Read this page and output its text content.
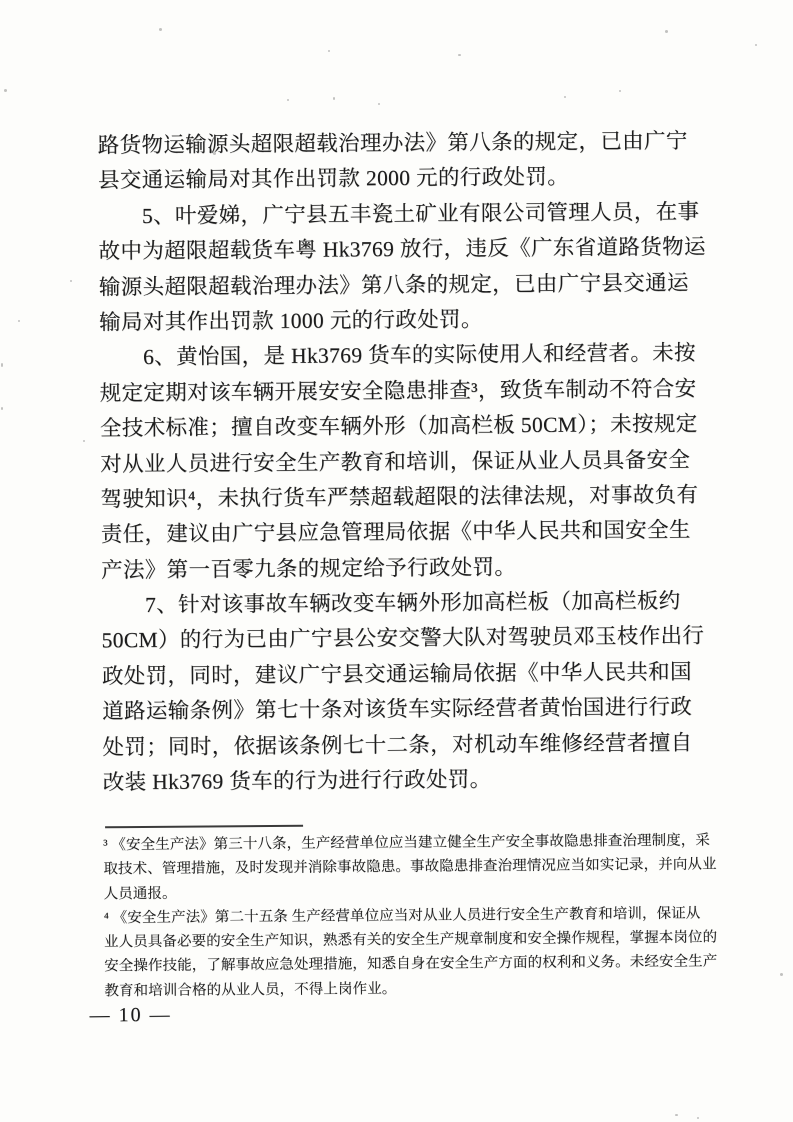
路货物运输源头超限超载治理办法》第八条的规定，已由广宁
县交通运输局对其作出罚款 2000 元的行政处罚。
　　5、叶爱娣，广宁县五丰瓷土矿业有限公司管理人员，在事
故中为超限超载货车粤 Hk3769 放行，违反《广东省道路货物运
输源头超限超载治理办法》第八条的规定，已由广宁县交通运
输局对其作出罚款 1000 元的行政处罚。
　　6、黄怡国，是 Hk3769 货车的实际使用人和经营者。未按
规定定期对该车辆开展安安全隐患排查³，致货车制动不符合安
全技术标准；擅自改变车辆外形（加高栏板 50CM）；未按规定
对从业人员进行安全生产教育和培训，保证从业人员具备安全
驾驶知识⁴，未执行货车严禁超载超限的法律法规，对事故负有
责任，建议由广宁县应急管理局依据《中华人民共和国安全生
产法》第一百零九条的规定给予行政处罚。
　　7、针对该事故车辆改变车辆外形加高栏板（加高栏板约
50CM）的行为已由广宁县公安交警大队对驾驶员邓玉枝作出行
政处罚，同时，建议广宁县交通运输局依据《中华人民共和国
道路运输条例》第七十条对该货车实际经营者黄怡国进行行政
处罚；同时，依据该条例七十二条，对机动车维修经营者擅自
改装 Hk3769 货车的行为进行行政处罚。
³ 《安全生产法》第三十八条，生产经营单位应当建立健全生产安全事故隐患排查治理制度，采
取技术、管理措施，及时发现并消除事故隐患。事故隐患排查治理情况应当如实记录，并向从业
人员通报。
⁴ 《安全生产法》第二十五条 生产经营单位应当对从业人员进行安全生产教育和培训，保证从
业人员具备必要的安全生产知识，熟悉有关的安全生产规章制度和安全操作规程，掌握本岗位的
安全操作技能，了解事故应急处理措施，知悉自身在安全生产方面的权利和义务。未经安全生产
教育和培训合格的从业人员，不得上岗作业。
— 10 —
